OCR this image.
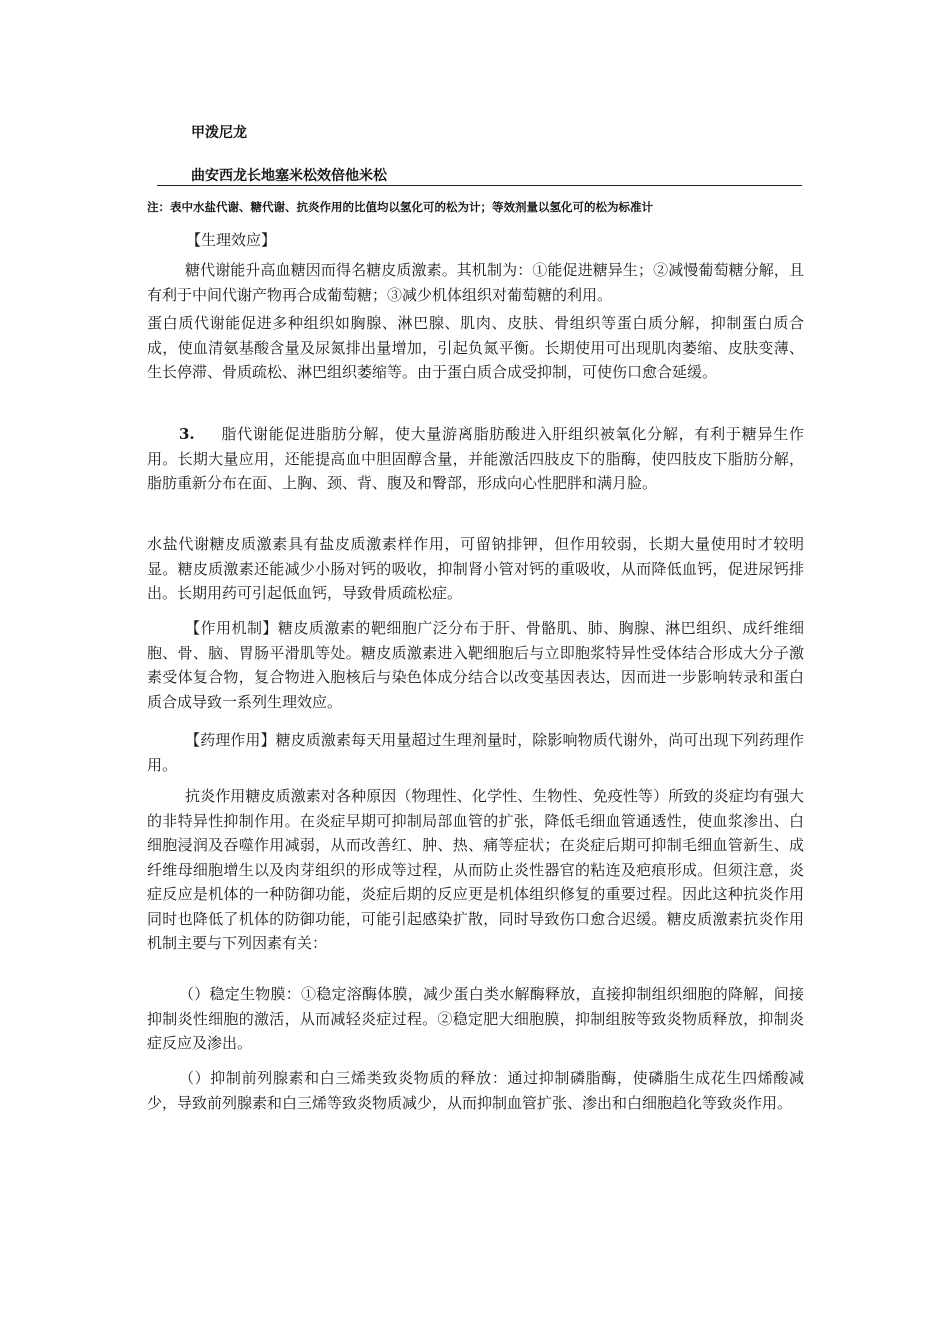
甲泼尼龙
曲安西龙长地塞米松效倍他米松
注：表中水盐代谢、糖代谢、抗炎作用的比值均以氢化可的松为计；等效剂量以氢化可的松为标准计
【生理效应】
糖代谢能升高血糖因而得名糖皮质激素。其机制为：①能促进糖异生；②减慢葡萄糖分解，且有利于中间代谢产物再合成葡萄糖；③减少机体组织对葡萄糖的利用。
蛋白质代谢能促进多种组织如胸腺、淋巴腺、肌肉、皮肤、骨组织等蛋白质分解，抑制蛋白质合成，使血清氨基酸含量及尿氮排出量增加，引起负氮平衡。长期使用可出现肌肉萎缩、皮肤变薄、生长停滞、骨质疏松、淋巴组织萎缩等。由于蛋白质合成受抑制，可使伤口愈合延缓。
3. 脂代谢能促进脂肪分解，使大量游离脂肪酸进入肝组织被氧化分解，有利于糖异生作用。长期大量应用，还能提高血中胆固醇含量，并能激活四肢皮下的脂酶，使四肢皮下脂肪分解，脂肪重新分布在面、上胸、颈、背、腹及和臀部，形成向心性肥胖和满月脸。
水盐代谢糖皮质激素具有盐皮质激素样作用，可留钠排钾，但作用较弱，长期大量使用时才较明显。糖皮质激素还能减少小肠对钙的吸收，抑制肾小管对钙的重吸收，从而降低血钙，促进尿钙排出。长期用药可引起低血钙，导致骨质疏松症。
【作用机制】糖皮质激素的靶细胞广泛分布于肝、骨骼肌、肺、胸腺、淋巴组织、成纤维细胞、骨、脑、胃肠平滑肌等处。糖皮质激素进入靶细胞后与立即胞浆特异性受体结合形成大分子激素受体复合物，复合物进入胞核后与染色体成分结合以改变基因表达，因而进一步影响转录和蛋白质合成导致一系列生理效应。
【药理作用】糖皮质激素每天用量超过生理剂量时，除影响物质代谢外，尚可出现下列药理作用。
抗炎作用糖皮质激素对各种原因（物理性、化学性、生物性、免疫性等）所致的炎症均有强大的非特异性抑制作用。在炎症早期可抑制局部血管的扩张，降低毛细血管通透性，使血浆渗出、白细胞浸润及吞噬作用减弱，从而改善红、肿、热、痛等症状；在炎症后期可抑制毛细血管新生、成纤维母细胞增生以及肉芽组织的形成等过程，从而防止炎性器官的粘连及疤痕形成。但须注意，炎症反应是机体的一种防御功能，炎症后期的反应更是机体组织修复的重要过程。因此这种抗炎作用同时也降低了机体的防御功能，可能引起感染扩散，同时导致伤口愈合迟缓。糖皮质激素抗炎作用机制主要与下列因素有关：
（）稳定生物膜：①稳定溶酶体膜，减少蛋白类水解酶释放，直接抑制组织细胞的降解，间接抑制炎性细胞的激活，从而减轻炎症过程。②稳定肥大细胞膜，抑制组胺等致炎物质释放，抑制炎症反应及渗出。
（）抑制前列腺素和白三烯类致炎物质的释放：通过抑制磷脂酶，使磷脂生成花生四烯酸减少，导致前列腺素和白三烯等致炎物质减少，从而抑制血管扩张、渗出和白细胞趋化等致炎作用。
